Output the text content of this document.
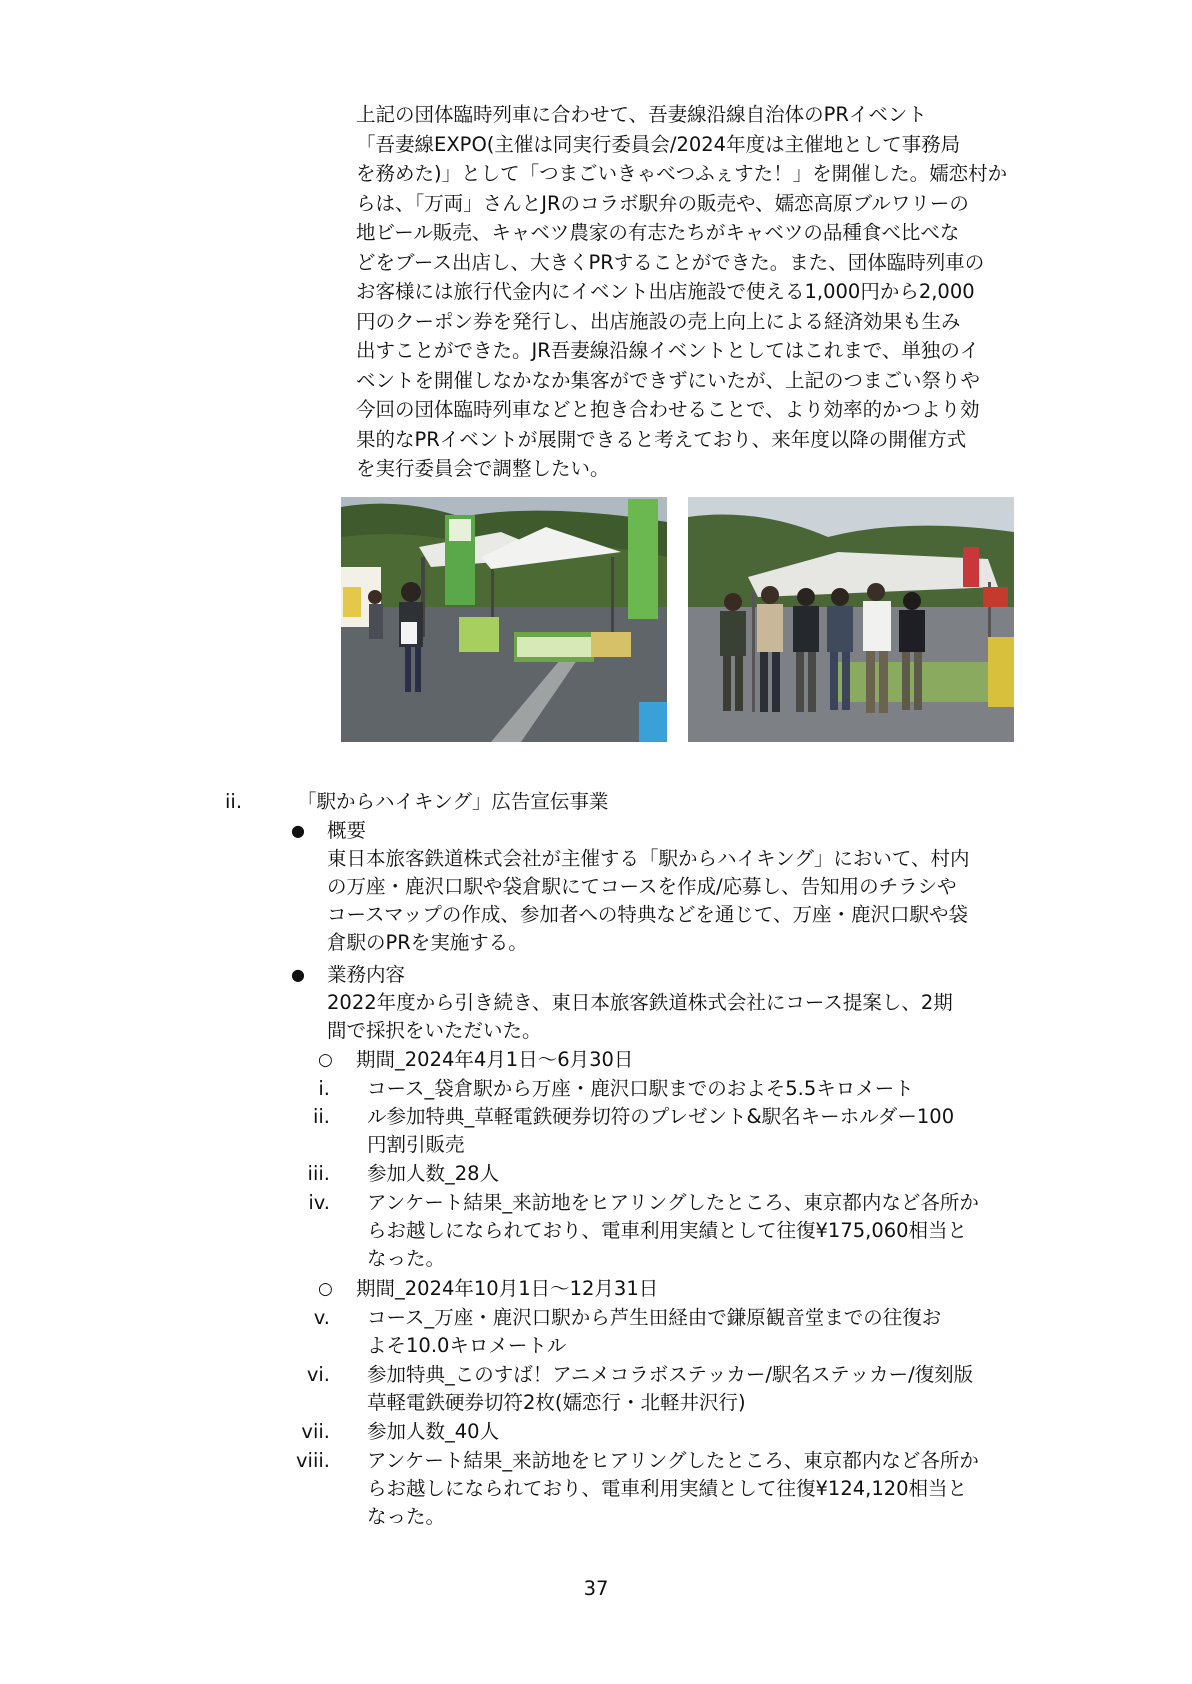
上記の団体臨時列車に合わせて、吾妻線沿線自治体のPRイベント
「吾妻線EXPO(主催は同実行委員会/2024年度は主催地として事務局
を務めた)」として「つまごいきゃべつふぇすた！」を開催した。嬬恋村か
らは、「万両」さんとJRのコラボ駅弁の販売や、嬬恋高原ブルワリーの
地ビール販売、キャベツ農家の有志たちがキャベツの品種食べ比べな
どをブース出店し、大きくPRすることができた。また、団体臨時列車の
お客様には旅行代金内にイベント出店施設で使える1,000円から2,000
円のクーポン券を発行し、出店施設の売上向上による経済効果も生み
出すことができた。JR吾妻線沿線イベントとしてはこれまで、単独のイ
ベントを開催しなかなか集客ができずにいたが、上記のつまごい祭りや
今回の団体臨時列車などと抱き合わせることで、より効率的かつより効
果的なPRイベントが展開できると考えており、来年度以降の開催方式
を実行委員会で調整したい。
ii.	「駅からハイキング」広告宣伝事業
● 概要
東日本旅客鉄道株式会社が主催する「駅からハイキング」において、村内
の万座・鹿沢口駅や袋倉駅にてコースを作成/応募し、告知用のチラシや
コースマップの作成、参加者への特典などを通じて、万座・鹿沢口駅や袋
倉駅のPRを実施する。
● 業務内容
2022年度から引き続き、東日本旅客鉄道株式会社にコース提案し、2期
間で採択をいただいた。
○ 期間_2024年4月1日～6月30日
i. コース_袋倉駅から万座・鹿沢口駅までのおよそ5.5キロメート
ii. ル参加特典_草軽電鉄硬券切符のプレゼント&駅名キーホルダー100
円割引販売
iii. 参加人数_28人
iv. アンケート結果_来訪地をヒアリングしたところ、東京都内など各所か
らお越しになられており、電車利用実績として往復¥175,060相当と
なった。
○ 期間_2024年10月1日～12月31日
v. コース_万座・鹿沢口駅から芦生田経由で鎌原観音堂までの往復お
よそ10.0キロメートル
vi. 参加特典_このすば！アニメコラボステッカー/駅名ステッカー/復刻版
草軽電鉄硬券切符2枚(嬬恋行・北軽井沢行)
vii. 参加人数_40人
viii. アンケート結果_来訪地をヒアリングしたところ、東京都内など各所か
らお越しになられており、電車利用実績として往復¥124,120相当と
なった。
37
